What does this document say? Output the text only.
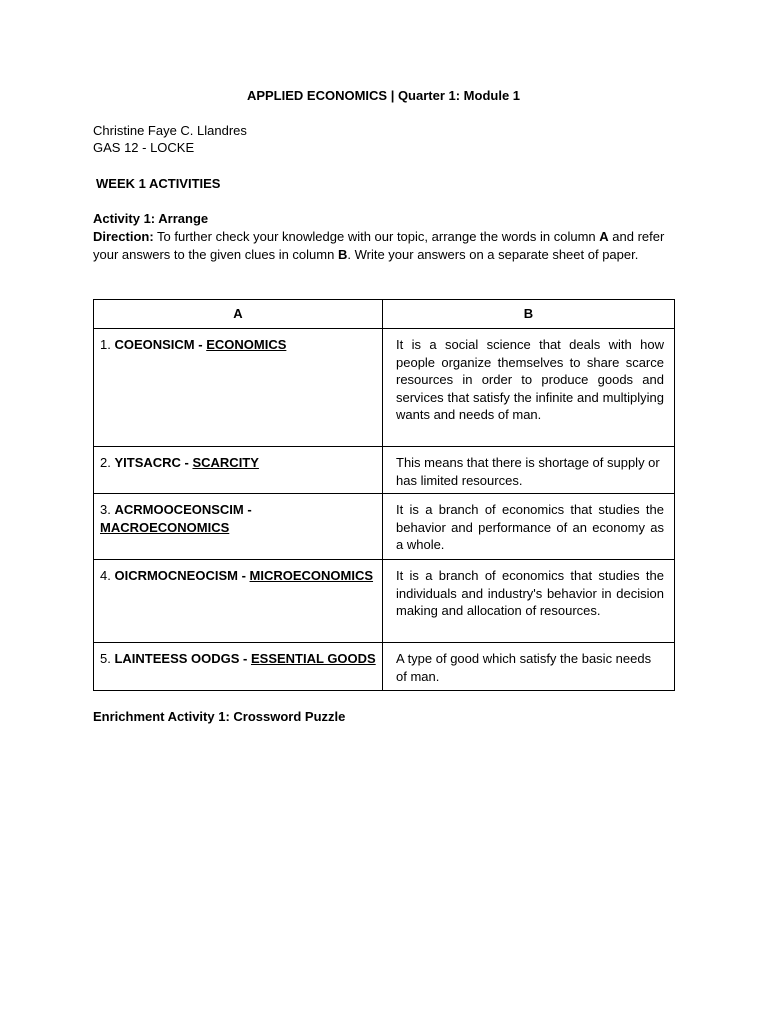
APPLIED ECONOMICS | Quarter 1: Module 1
Christine Faye C. Llandres
GAS 12 - LOCKE
WEEK 1 ACTIVITIES
Activity 1: Arrange
Direction: To further check your knowledge with our topic, arrange the words in column A and refer your answers to the given clues in column B. Write your answers on a separate sheet of paper.
A	B
1. COEONSICM - ECONOMICS	It is a social science that deals with how people organize themselves to share scarce resources in order to produce goods and services that satisfy the infinite and multiplying wants and needs of man.
2. YITSACRC - SCARCITY	This means that there is shortage of supply or has limited resources.
3. ACRMOOCEONSCIM - MACROECONOMICS	It is a branch of economics that studies the behavior and performance of an economy as a whole.
4. OICRMOCNEOCISM - MICROECONOMICS	It is a branch of economics that studies the individuals and industry's behavior in decision making and allocation of resources.
5. LAINTEESS OODGS - ESSENTIAL GOODS	A type of good which satisfy the basic needs of man.
Enrichment Activity 1: Crossword Puzzle
